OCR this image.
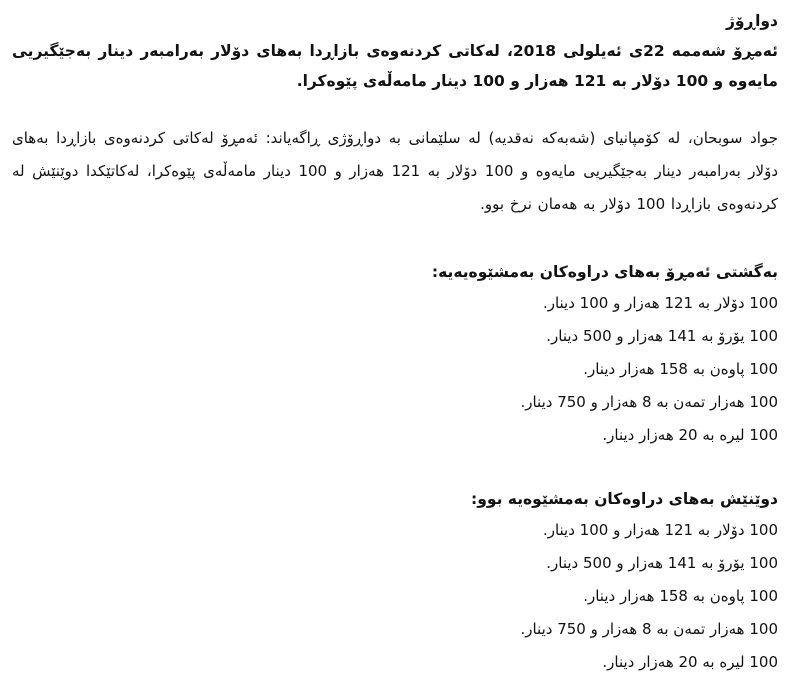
دواڕۆژ

ئەمڕۆ شەممە 22ی ئەیلولی 2018، لەکاتی کردنەوەی بازاڕدا بەهای دۆلار بەرامبەر دینار بەجێگیریی مایەوە و 100 دۆلار بە 121 هەزار و 100 دینار مامەڵەی پێوەکرا.

جواد سوبحان، لە کۆمپانیای (شەبەکە نەقدیە) لە سلێمانی بە دواڕۆژی ڕاگەیاند: ئەمڕۆ لەکاتی کردنەوەی بازاڕدا بەهای دۆلار بەرامبەر دینار بەجێگیریی مایەوە و 100 دۆلار بە 121 هەزار و 100 دینار مامەڵەی پێوەکرا، لەکاتێکدا دوێنێش لە کردنەوەی بازاڕدا 100 دۆلار بە هەمان نرخ بوو.

بەگشتی ئەمڕۆ بەهای دراوەکان بەمشێوەیەیە:
100 دۆلار بە 121 هەزار و 100 دینار.
100 یۆرۆ بە 141 هەزار و 500 دینار.
100 پاوەن بە 158 هەزار دینار.
100 هەزار تمەن بە 8 هەزار و 750 دینار.
100 لیرە بە 20 هەزار دینار.
دوێنێش بەهای دراوەکان بەمشێوەیە بوو:
100 دۆلار بە 121 هەزار و 100 دینار.
100 یۆرۆ بە 141 هەزار و 500 دینار.
100 پاوەن بە 158 هەزار دینار.
100 هەزار تمەن بە 8 هەزار و 750 دینار.
100 لیرە بە 20 هەزار دینار.
